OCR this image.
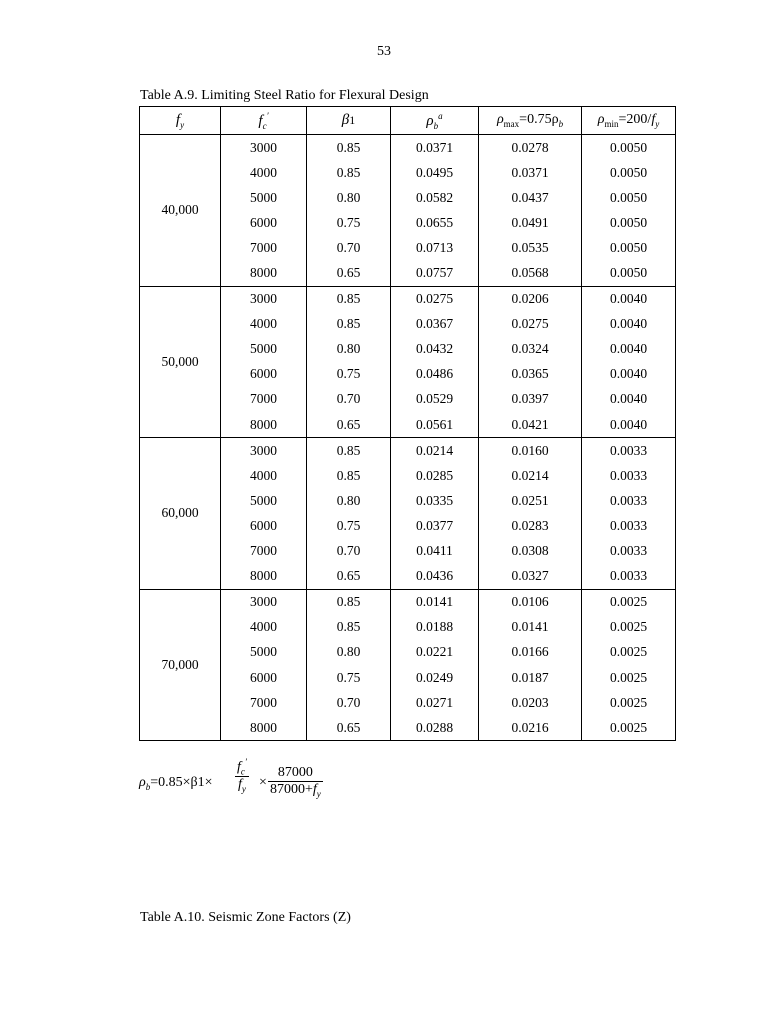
53
Table A.9. Limiting Steel Ratio for Flexural Design
$f_y$	$f_c'$	β1	$\rho_b^a$	$\rho_{max}=0.75\rho_b$	$\rho_{min}=200/f_y$
40,000	3000	0.85	0.0371	0.0278	0.0050
	4000	0.85	0.0495	0.0371	0.0050
	5000	0.80	0.0582	0.0437	0.0050
	6000	0.75	0.0655	0.0491	0.0050
	7000	0.70	0.0713	0.0535	0.0050
	8000	0.65	0.0757	0.0568	0.0050
50,000	3000	0.85	0.0275	0.0206	0.0040
	4000	0.85	0.0367	0.0275	0.0040
	5000	0.80	0.0432	0.0324	0.0040
	6000	0.75	0.0486	0.0365	0.0040
	7000	0.70	0.0529	0.0397	0.0040
	8000	0.65	0.0561	0.0421	0.0040
60,000	3000	0.85	0.0214	0.0160	0.0033
	4000	0.85	0.0285	0.0214	0.0033
	5000	0.80	0.0335	0.0251	0.0033
	6000	0.75	0.0377	0.0283	0.0033
	7000	0.70	0.0411	0.0308	0.0033
	8000	0.65	0.0436	0.0327	0.0033
70,000	3000	0.85	0.0141	0.0106	0.0025
	4000	0.85	0.0188	0.0141	0.0025
	5000	0.80	0.0221	0.0166	0.0025
	6000	0.75	0.0249	0.0187	0.0025
	7000	0.70	0.0271	0.0203	0.0025
	8000	0.65	0.0288	0.0216	0.0025
$\rho_b=0.85\times\beta 1\times \frac{f_c'}{f_y} \times \frac{87000}{87000+f_y}$
Table A.10. Seismic Zone Factors (Z)
